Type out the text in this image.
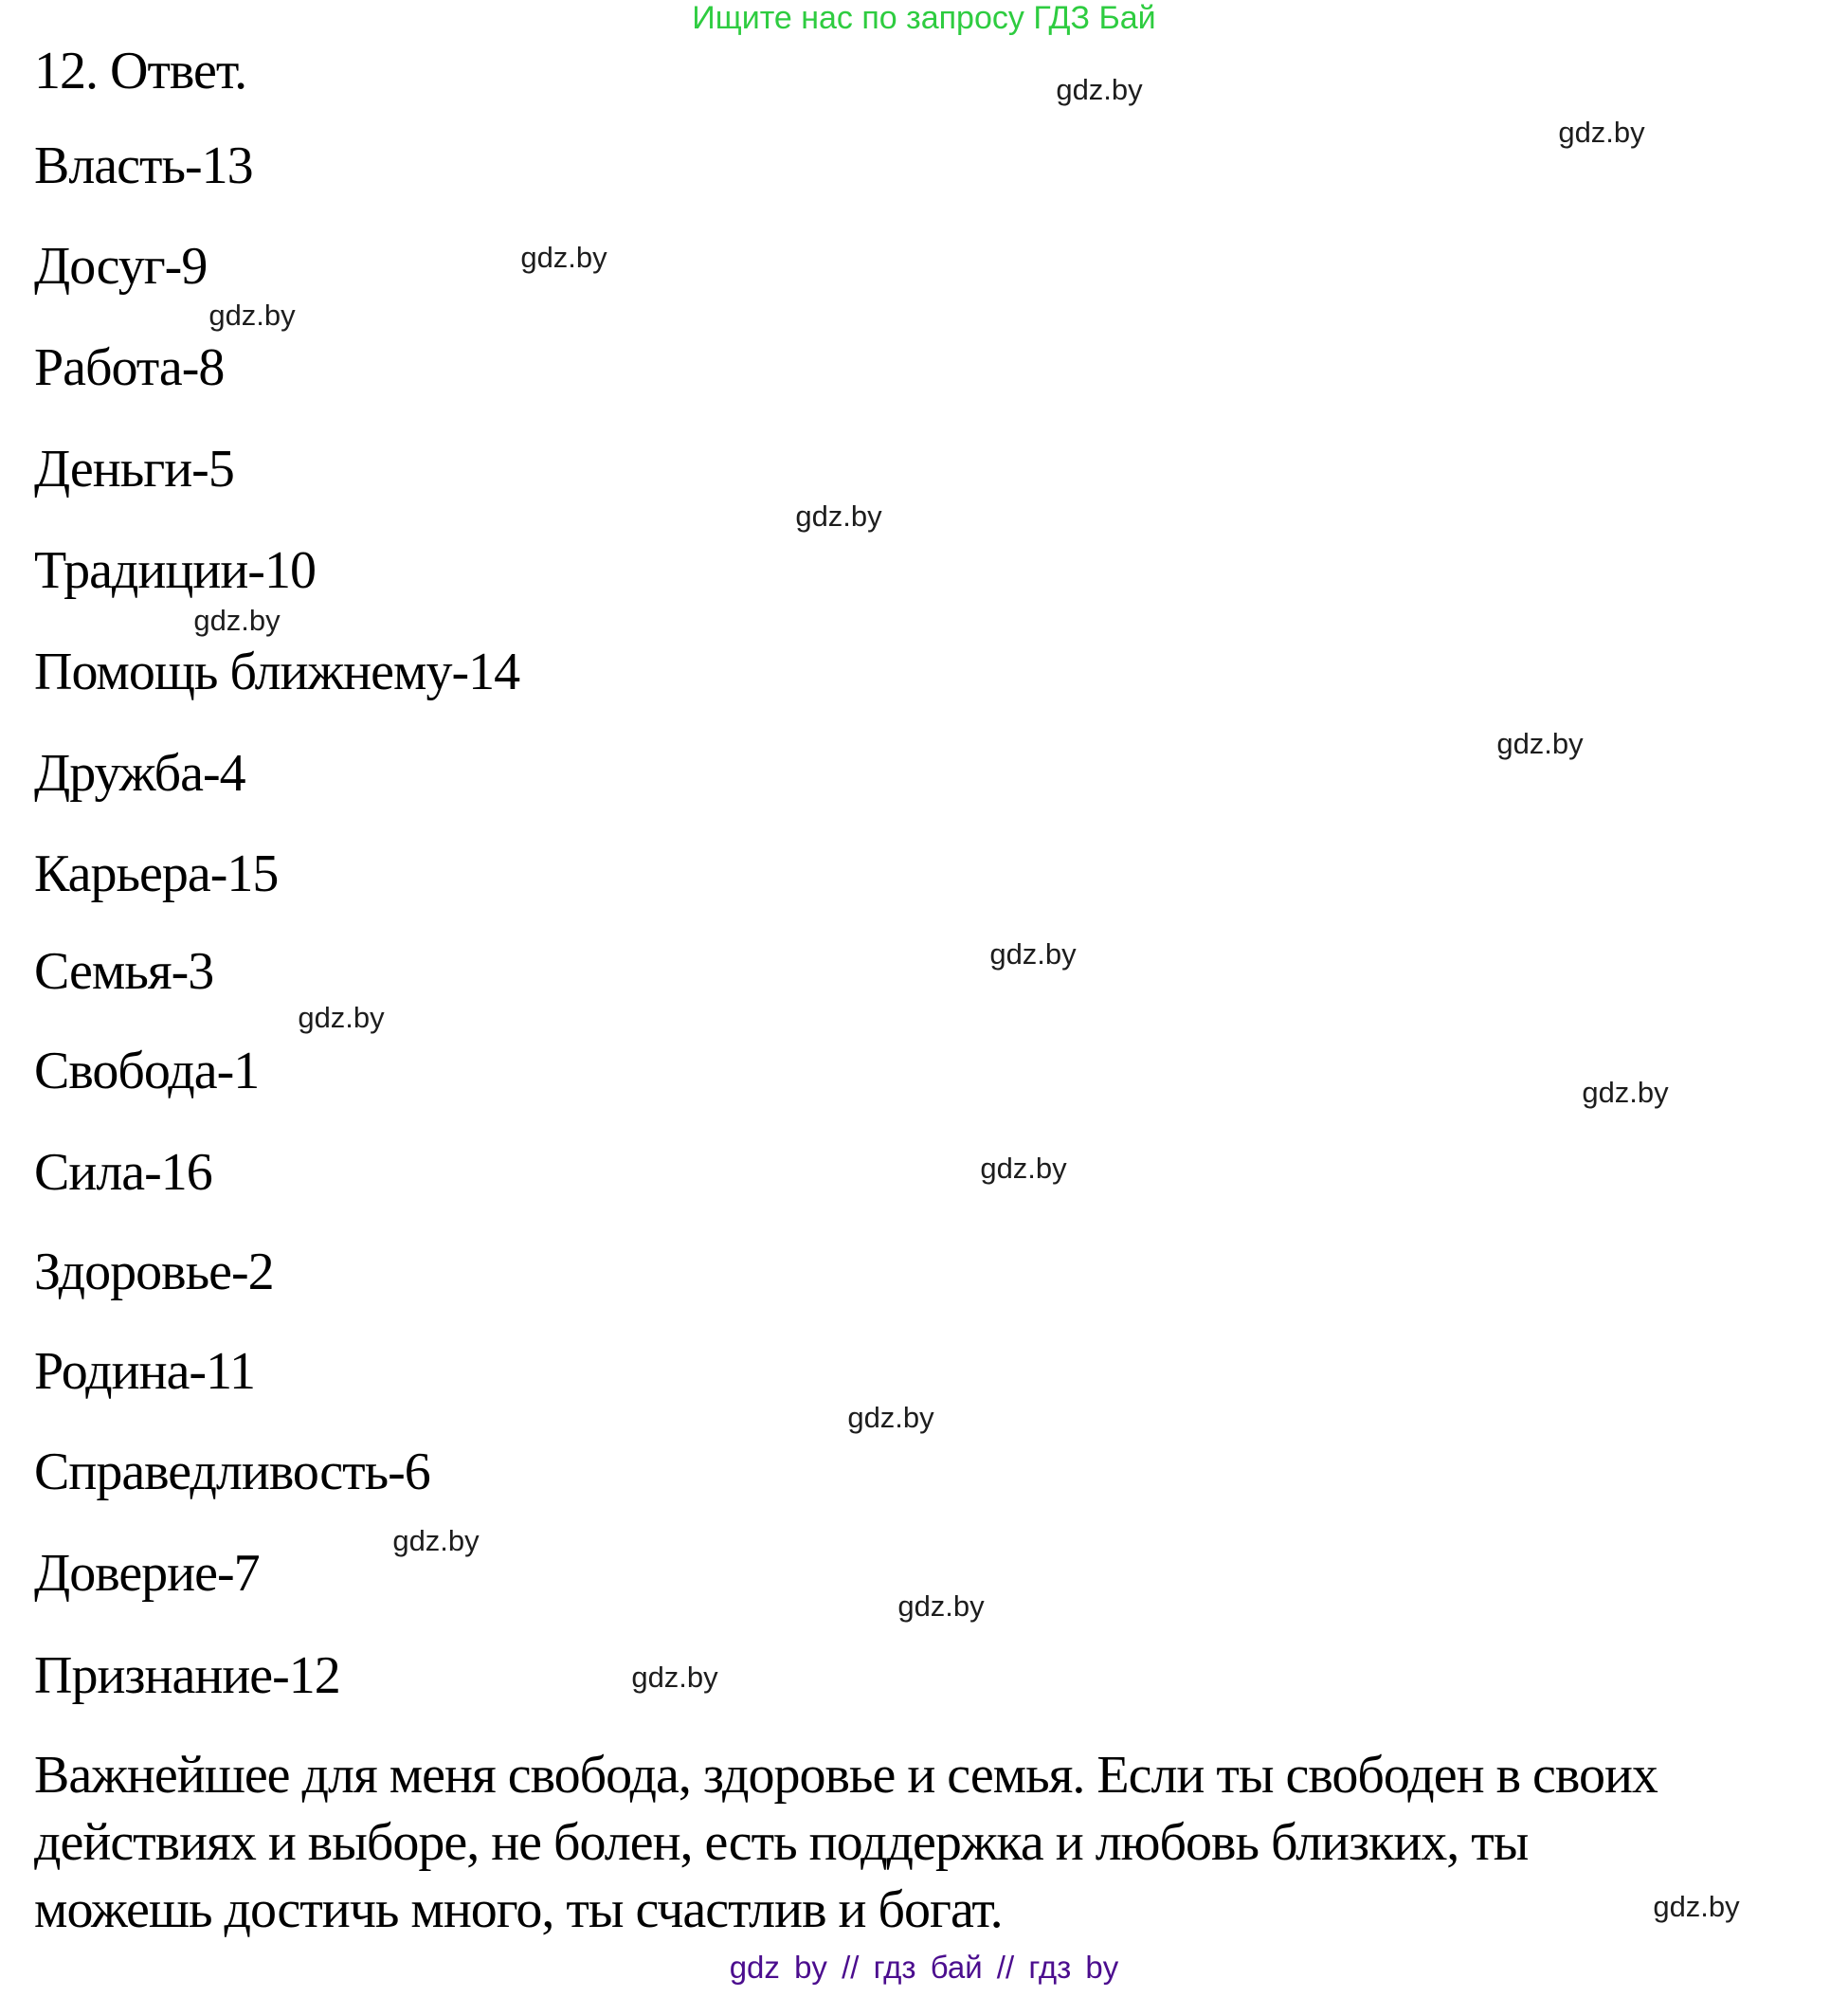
Ищите нас по запросу ГДЗ Бай
12. Ответ.
Власть-13
Досуг-9
Работа-8
Деньги-5
Традиции-10
Помощь ближнему-14
Дружба-4
Карьера-15
Семья-3
Свобода-1
Сила-16
Здоровье-2
Родина-11
Справедливость-6
Доверие-7
Признание-12
Важнейшее для меня свобода, здоровье и семья. Если ты свободен в своих
действиях и выборе, не болен, есть поддержка и любовь близких, ты
можешь достичь много, ты счастлив и богат.
gdz.by
gdz.by
gdz.by
gdz.by
gdz.by
gdz.by
gdz.by
gdz.by
gdz.by
gdz.by
gdz.by
gdz.by
gdz.by
gdz.by
gdz.by
gdz.by
gdz by // гдз бай // гдз by
